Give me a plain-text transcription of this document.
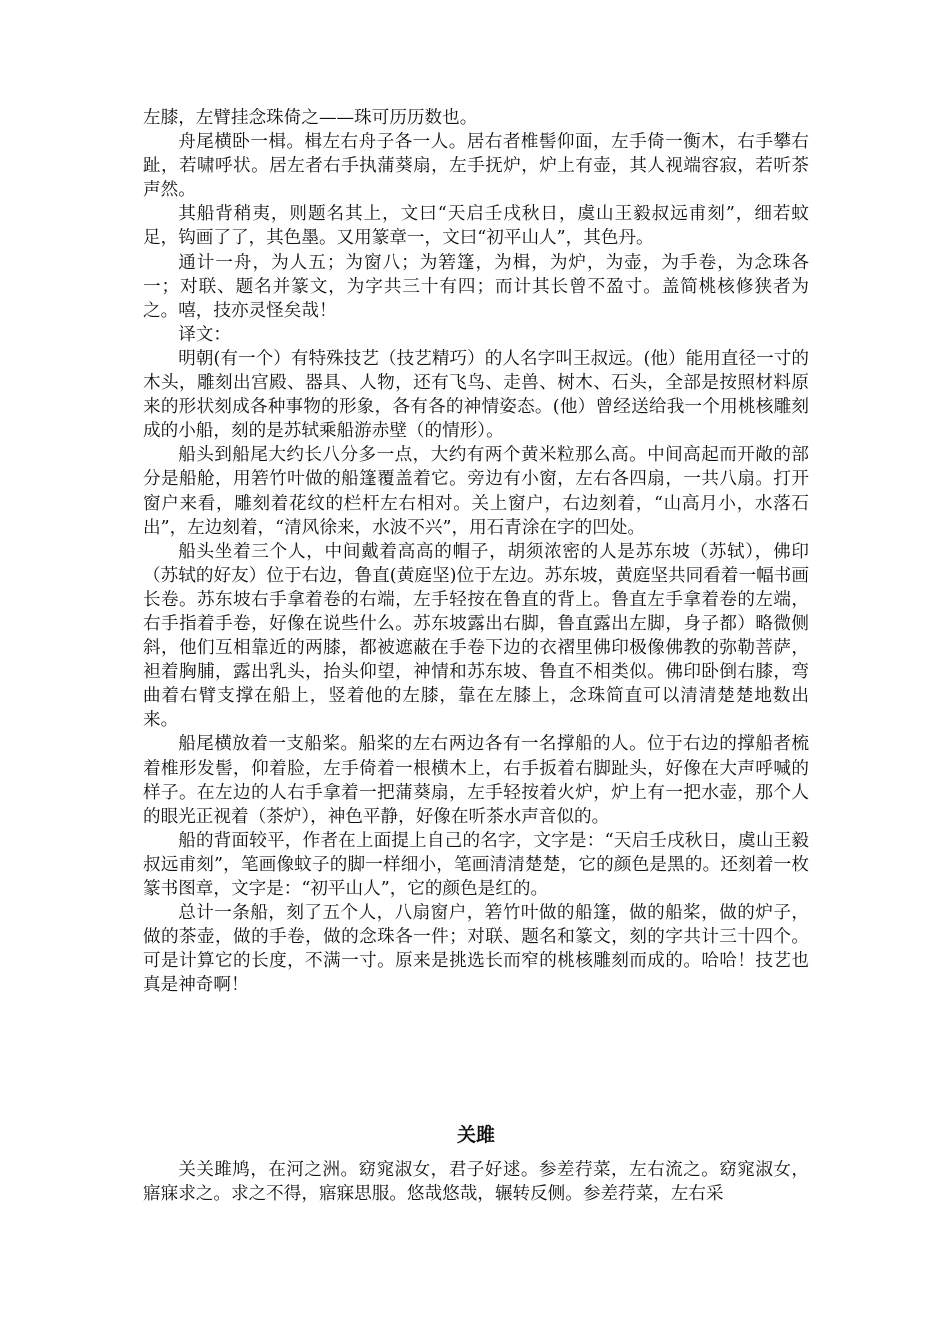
左膝，左臂挂念珠倚之——珠可历历数也。

舟尾横卧一楫。楫左右舟子各一人。居右者椎髻仰面，左手倚一衡木，右手攀右趾，若啸呼状。居左者右手执蒲葵扇，左手抚炉，炉上有壶，其人视端容寂，若听茶声然。

其船背稍夷，则题名其上，文曰“天启壬戌秋日，虞山王毅叔远甫刻”，细若蚊足，钩画了了，其色墨。又用篆章一，文曰“初平山人”，其色丹。

通计一舟，为人五；为窗八；为箬篷，为楫，为炉，为壶，为手卷，为念珠各一；对联、题名并篆文，为字共三十有四；而计其长曾不盈寸。盖简桃核修狭者为之。嘻，技亦灵怪矣哉！

译文：

明朝(有一个）有特殊技艺（技艺精巧）的人名字叫王叔远。(他）能用直径一寸的木头，雕刻出宫殿、器具、人物，还有飞鸟、走兽、树木、石头，全部是按照材料原来的形状刻成各种事物的形象，各有各的神情姿态。(他）曾经送给我一个用桃核雕刻成的小船，刻的是苏轼乘船游赤壁（的情形）。

船头到船尾大约长八分多一点，大约有两个黄米粒那么高。中间高起而开敞的部分是船舱，用箬竹叶做的船篷覆盖着它。旁边有小窗，左右各四扇，一共八扇。打开窗户来看，雕刻着花纹的栏杆左右相对。关上窗户，右边刻着，“山高月小，水落石出”，左边刻着，“清风徐来，水波不兴”，用石青涂在字的凹处。

船头坐着三个人，中间戴着高高的帽子，胡须浓密的人是苏东坡（苏轼），佛印（苏轼的好友）位于右边，鲁直(黄庭坚)位于左边。苏东坡，黄庭坚共同看着一幅书画长卷。苏东坡右手拿着卷的右端，左手轻按在鲁直的背上。鲁直左手拿着卷的左端，右手指着手卷，好像在说些什么。苏东坡露出右脚，鲁直露出左脚，身子都）略微侧斜，他们互相靠近的两膝，都被遮蔽在手卷下边的衣褶里佛印极像佛教的弥勒菩萨，袒着胸脯，露出乳头，抬头仰望，神情和苏东坡、鲁直不相类似。佛印卧倒右膝，弯曲着右臂支撑在船上，竖着他的左膝，靠在左膝上，念珠简直可以清清楚楚地数出来。

船尾横放着一支船桨。船桨的左右两边各有一名撑船的人。位于右边的撑船者梳着椎形发髻，仰着脸，左手倚着一根横木上，右手扳着右脚趾头，好像在大声呼喊的样子。在左边的人右手拿着一把蒲葵扇，左手轻按着火炉，炉上有一把水壶，那个人的眼光正视着（茶炉），神色平静，好像在听茶水声音似的。

船的背面较平，作者在上面提上自己的名字，文字是：“天启壬戌秋日，虞山王毅叔远甫刻”，笔画像蚊子的脚一样细小，笔画清清楚楚，它的颜色是黑的。还刻着一枚篆书图章，文字是：“初平山人”，它的颜色是红的。

总计一条船，刻了五个人，八扇窗户，箬竹叶做的船篷，做的船桨，做的炉子，做的茶壶，做的手卷，做的念珠各一件；对联、题名和篆文，刻的字共计三十四个。可是计算它的长度，不满一寸。原来是挑选长而窄的桃核雕刻而成的。哈哈！技艺也真是神奇啊！

关雎

关关雎鸠，在河之洲。窈窕淑女，君子好逑。参差荇菜，左右流之。窈窕淑女，寤寐求之。求之不得，寤寐思服。悠哉悠哉，辗转反侧。参差荇菜，左右采
